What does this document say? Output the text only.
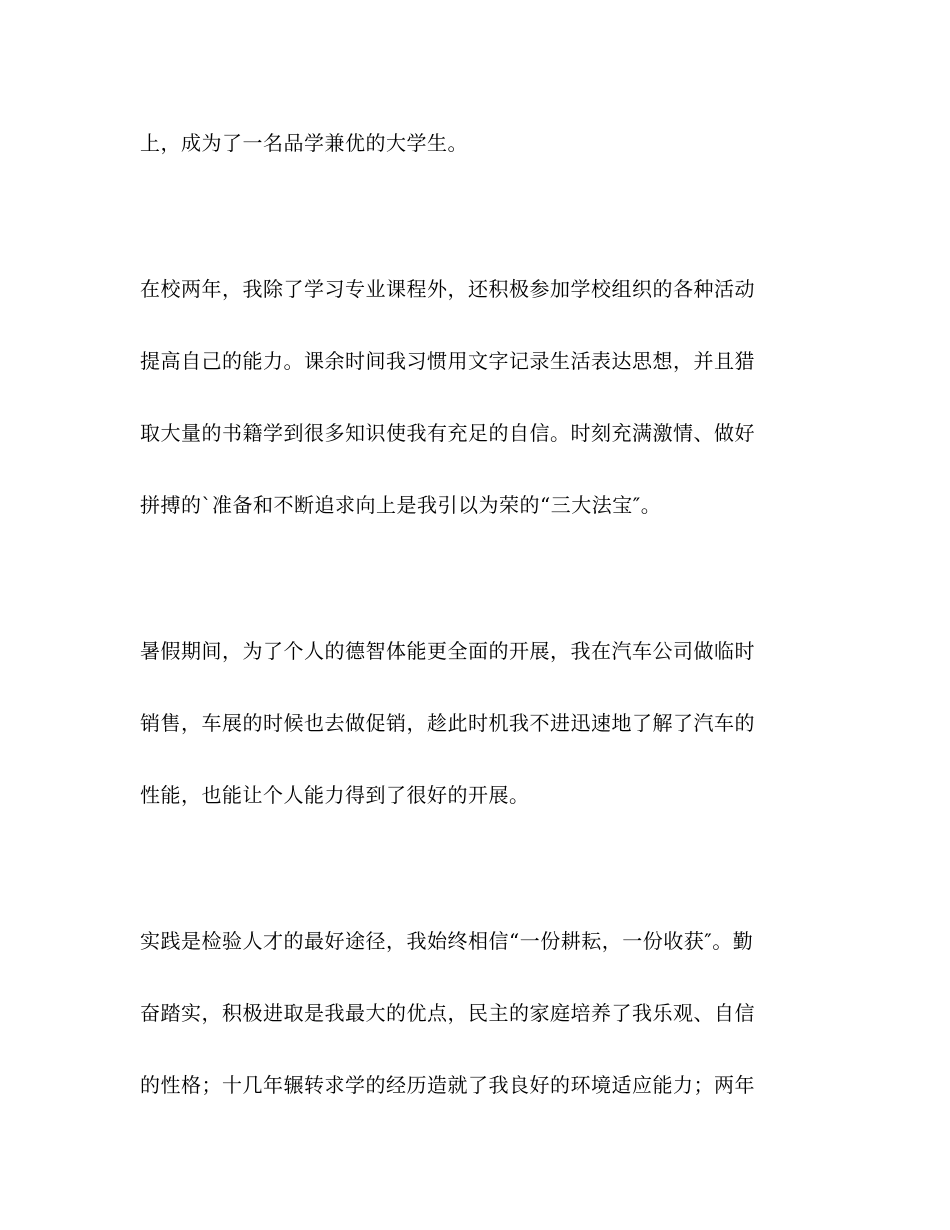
上，成为了一名品学兼优的大学生。
在校两年，我除了学习专业课程外，还积极参加学校组织的各种活动
提高自己的能力。课余时间我习惯用文字记录生活表达思想，并且猎
取大量的书籍学到很多知识使我有充足的自信。时刻充满激情、做好
拼搏的`准备和不断追求向上是我引以为荣的“三大法宝″。
暑假期间，为了个人的德智体能更全面的开展，我在汽车公司做临时
销售，车展的时候也去做促销，趁此时机我不进迅速地了解了汽车的
性能，也能让个人能力得到了很好的开展。
实践是检验人才的最好途径，我始终相信“一份耕耘，一份收获″。勤
奋踏实，积极进取是我最大的优点，民主的家庭培养了我乐观、自信
的性格；十几年辗转求学的经历造就了我良好的环境适应能力；两年
